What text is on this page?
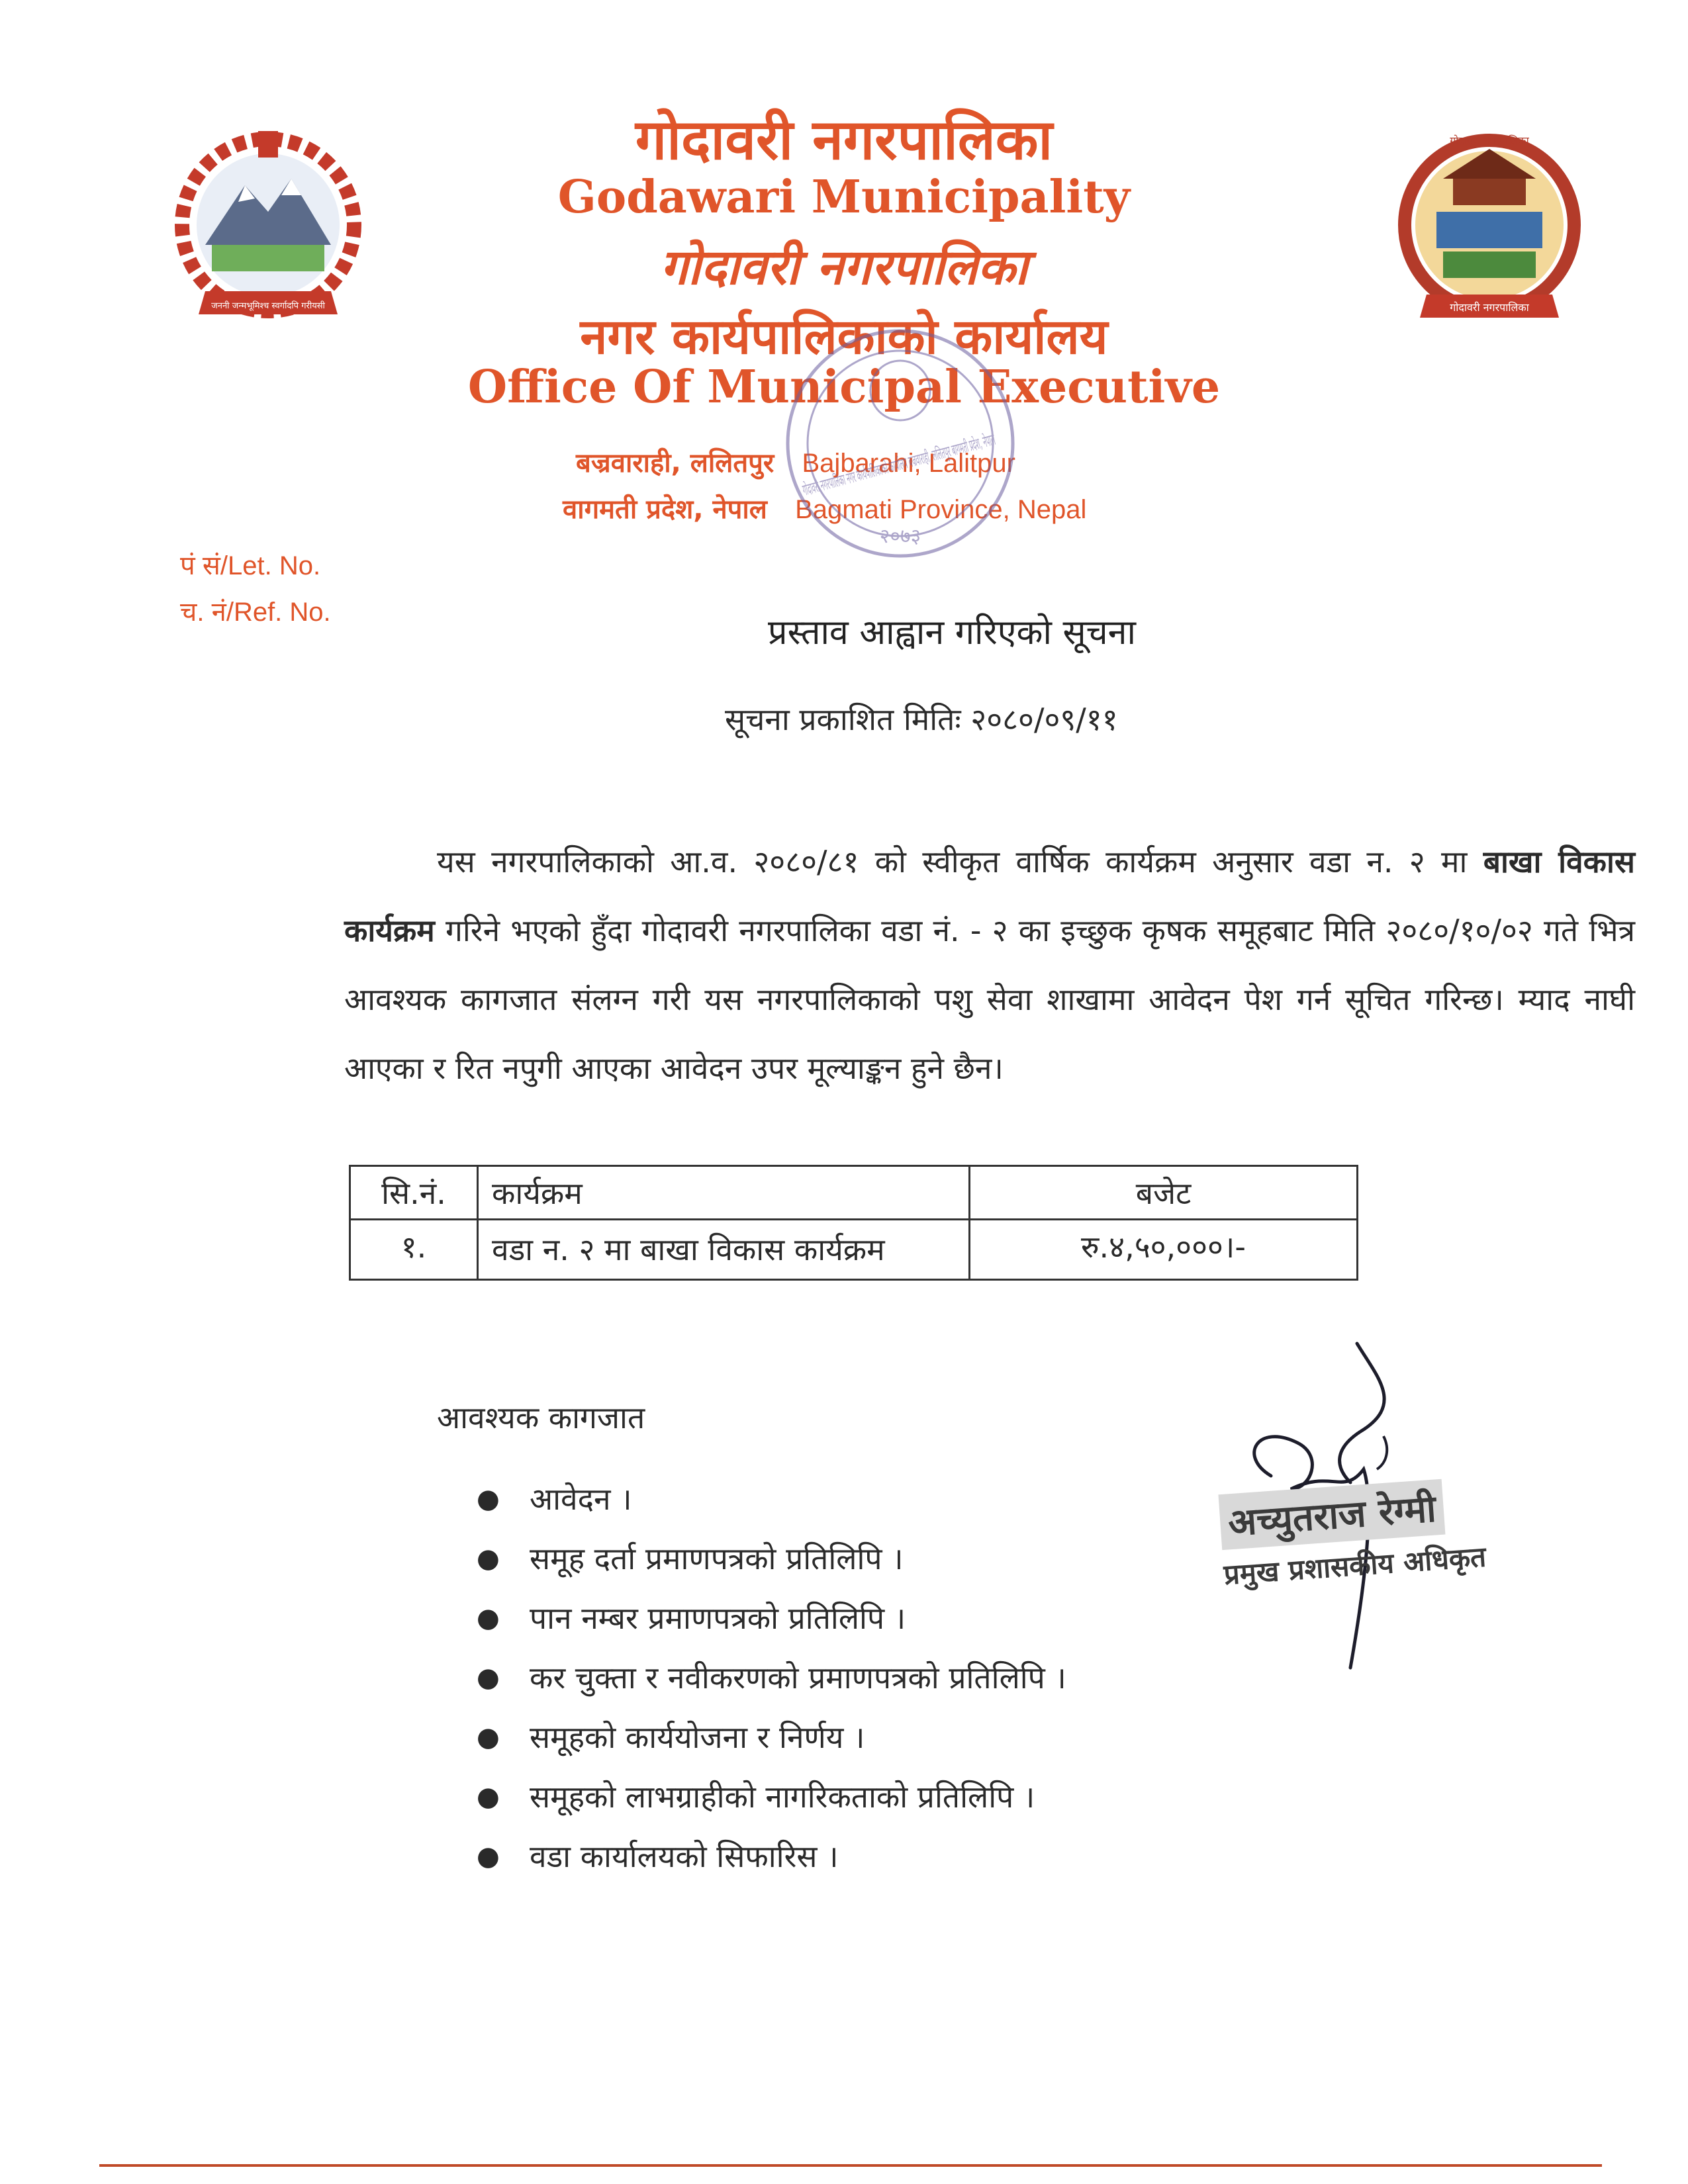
जननी जन्मभूमिश्च स्वर्गादपि गरीयसी
गोदावरी नगरपालिका
गोदावरी नगरपालिका
गोदावरी नगरपालिका
Godawari Municipality
गोदावरी नगरपालिका
नगर कार्यपालिकाको कार्यालय
Office Of Municipal Executive
बज्रवाराही, ललितपुर Bajbarahi, Lalitpur
वागमती प्रदेश, नेपाल Bagmati Province, Nepal
गोदावरी नगरपालिका नगर कार्यपालिकाको कार्यालय
२०७३
पं सं/Let. No.
च. नं/Ref. No.
प्रस्ताव आह्वान गरिएको सूचना
सूचना प्रकाशित मितिः २०८०/०९/११
यस नगरपालिकाको आ.व. २०८०/८१ को स्वीकृत वार्षिक कार्यक्रम अनुसार वडा न. २ मा बाखा विकास कार्यक्रम गरिने भएको हुँदा गोदावरी नगरपालिका वडा नं. - २ का इच्छुक कृषक समूहबाट मिति २०८०/१०/०२ गते भित्र आवश्यक कागजात संलग्न गरी यस नगरपालिकाको पशु सेवा शाखामा आवेदन पेश गर्न सूचित गरिन्छ। म्याद नाघी आएका र रित नपुगी आएका आवेदन उपर मूल्याङ्कन हुने छैन।
सि.नं.	कार्यक्रम	बजेट
१.	वडा न. २ मा बाखा विकास कार्यक्रम	रु.४,५०,०००।-
आवश्यक कागजात
● आवेदन ।
● समूह दर्ता प्रमाणपत्रको प्रतिलिपि ।
● पान नम्बर प्रमाणपत्रको प्रतिलिपि ।
● कर चुक्ता र नवीकरणको प्रमाणपत्रको प्रतिलिपि ।
● समूहको कार्ययोजना र निर्णय ।
● समूहको लाभग्राहीको नागरिकताको प्रतिलिपि ।
● वडा कार्यालयको सिफारिस ।
अच्युतराज रेग्मी
प्रमुख प्रशासकीय अधिकृत
